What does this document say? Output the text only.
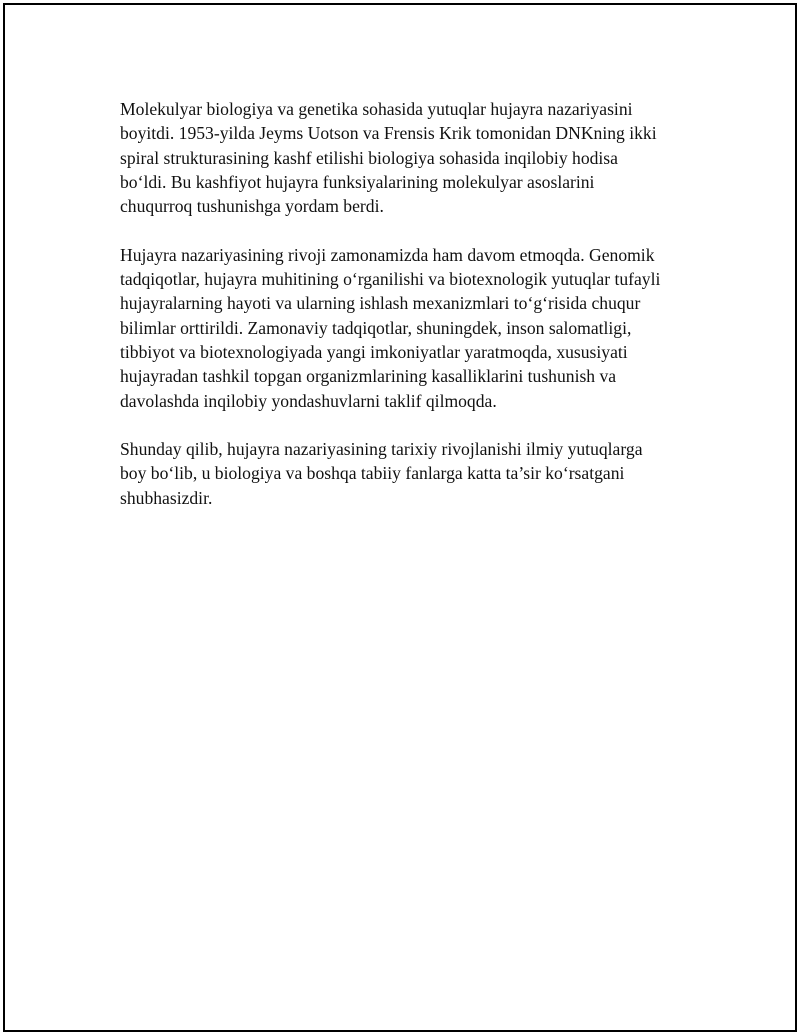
Molekulyar biologiya va genetika sohasida yutuqlar hujayra nazariyasini
boyitdi. 1953-yilda Jeyms Uotson va Frensis Krik tomonidan DNKning ikki
spiral strukturasining kashf etilishi biologiya sohasida inqilobiy hodisa
bo‘ldi. Bu kashfiyot hujayra funksiyalarining molekulyar asoslarini
chuqurroq tushunishga yordam berdi.

Hujayra nazariyasining rivoji zamonamizda ham davom etmoqda. Genomik
tadqiqotlar, hujayra muhitining o‘rganilishi va biotexnologik yutuqlar tufayli
hujayralarning hayoti va ularning ishlash mexanizmlari to‘g‘risida chuqur
bilimlar orttirildi. Zamonaviy tadqiqotlar, shuningdek, inson salomatligi,
tibbiyot va biotexnologiyada yangi imkoniyatlar yaratmoqda, xususiyati
hujayradan tashkil topgan organizmlarining kasalliklarini tushunish va
davolashda inqilobiy yondashuvlarni taklif qilmoqda.

Shunday qilib, hujayra nazariyasining tarixiy rivojlanishi ilmiy yutuqlarga
boy bo‘lib, u biologiya va boshqa tabiiy fanlarga katta ta’sir ko‘rsatgani
shubhasizdir.
